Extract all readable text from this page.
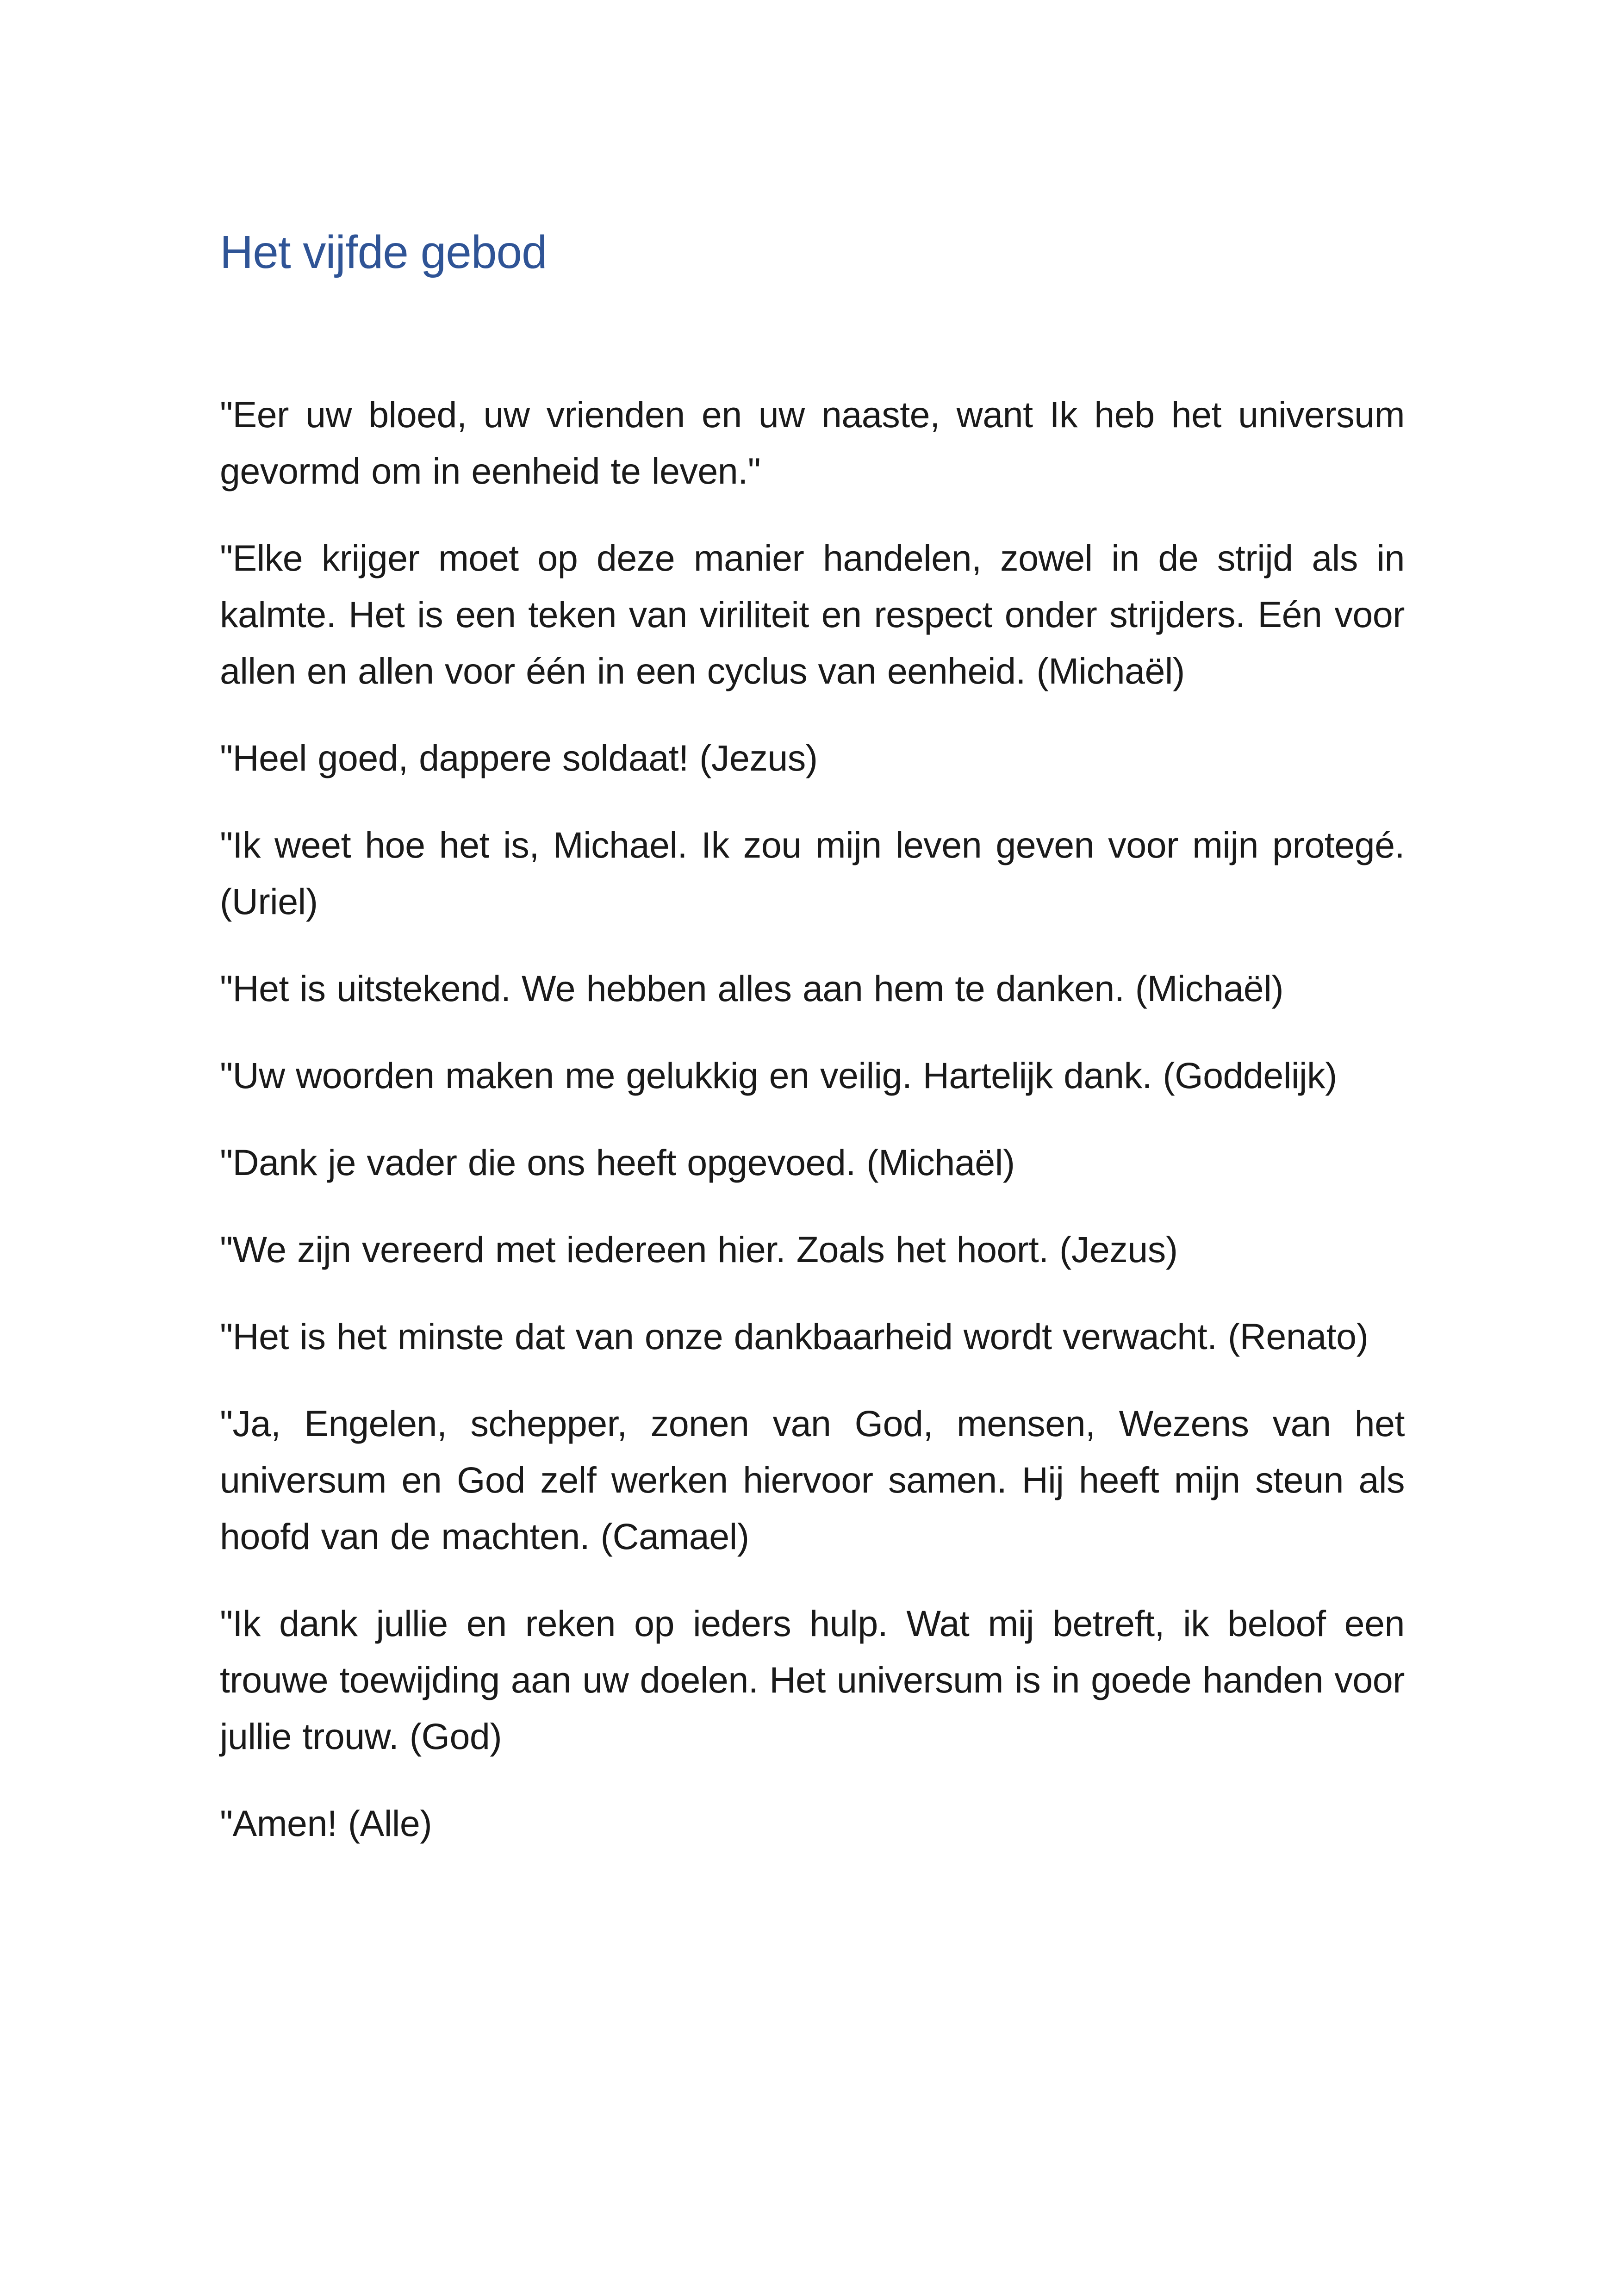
Het vijfde gebod

"Eer uw bloed, uw vrienden en uw naaste, want Ik heb het universum gevormd om in eenheid te leven."

"Elke krijger moet op deze manier handelen, zowel in de strijd als in kalmte. Het is een teken van viriliteit en respect onder strijders. Eén voor allen en allen voor één in een cyclus van eenheid. (Michaël)

"Heel goed, dappere soldaat! (Jezus)

"Ik weet hoe het is, Michael. Ik zou mijn leven geven voor mijn protegé. (Uriel)

"Het is uitstekend. We hebben alles aan hem te danken. (Michaël)

"Uw woorden maken me gelukkig en veilig. Hartelijk dank. (Goddelijk)

"Dank je vader die ons heeft opgevoed. (Michaël)

"We zijn vereerd met iedereen hier. Zoals het hoort. (Jezus)

"Het is het minste dat van onze dankbaarheid wordt verwacht. (Renato)

"Ja, Engelen, schepper, zonen van God, mensen, Wezens van het universum en God zelf werken hiervoor samen. Hij heeft mijn steun als hoofd van de machten. (Camael)

"Ik dank jullie en reken op ieders hulp. Wat mij betreft, ik beloof een trouwe toewijding aan uw doelen. Het universum is in goede handen voor jullie trouw. (God)

"Amen! (Alle)
